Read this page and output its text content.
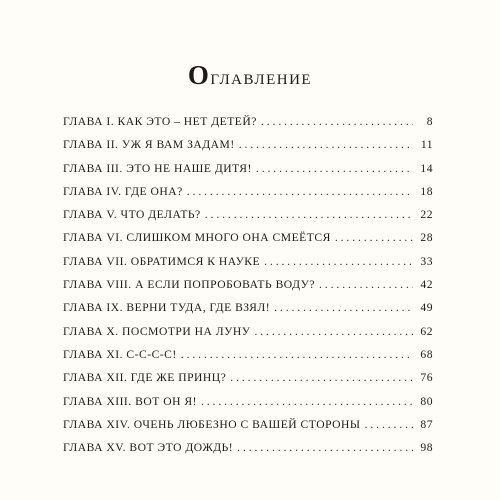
Оглавление
ГЛАВА I. КАК ЭТО – НЕТ ДЕТЕЙ? . . .	8
ГЛАВА II. УЖ Я ВАМ ЗАДАМ! . . .	11
ГЛАВА III. ЭТО НЕ НАШЕ ДИТЯ! . . .	14
ГЛАВА IV. ГДЕ ОНА? . . .	18
ГЛАВА V. ЧТО ДЕЛАТЬ? . . .	22
ГЛАВА VI. СЛИШКОМ МНОГО ОНА СМЕЁТСЯ . . .	28
ГЛАВА VII. ОБРАТИМСЯ К НАУКЕ . . .	33
ГЛАВА VIII. А ЕСЛИ ПОПРОБОВАТЬ ВОДУ? . . .	42
ГЛАВА IX. ВЕРНИ ТУДА, ГДЕ ВЗЯЛ! . . .	49
ГЛАВА X. ПОСМОТРИ НА ЛУНУ . . .	62
ГЛАВА XI. С-С-С-С! . . .	68
ГЛАВА XII. ГДЕ ЖЕ ПРИНЦ? . . .	76
ГЛАВА XIII. ВОТ ОН Я! . . .	80
ГЛАВА XIV. ОЧЕНЬ ЛЮБЕЗНО С ВАШЕЙ СТОРОНЫ . . .	87
ГЛАВА XV. ВОТ ЭТО ДОЖДЬ! . . .	98
